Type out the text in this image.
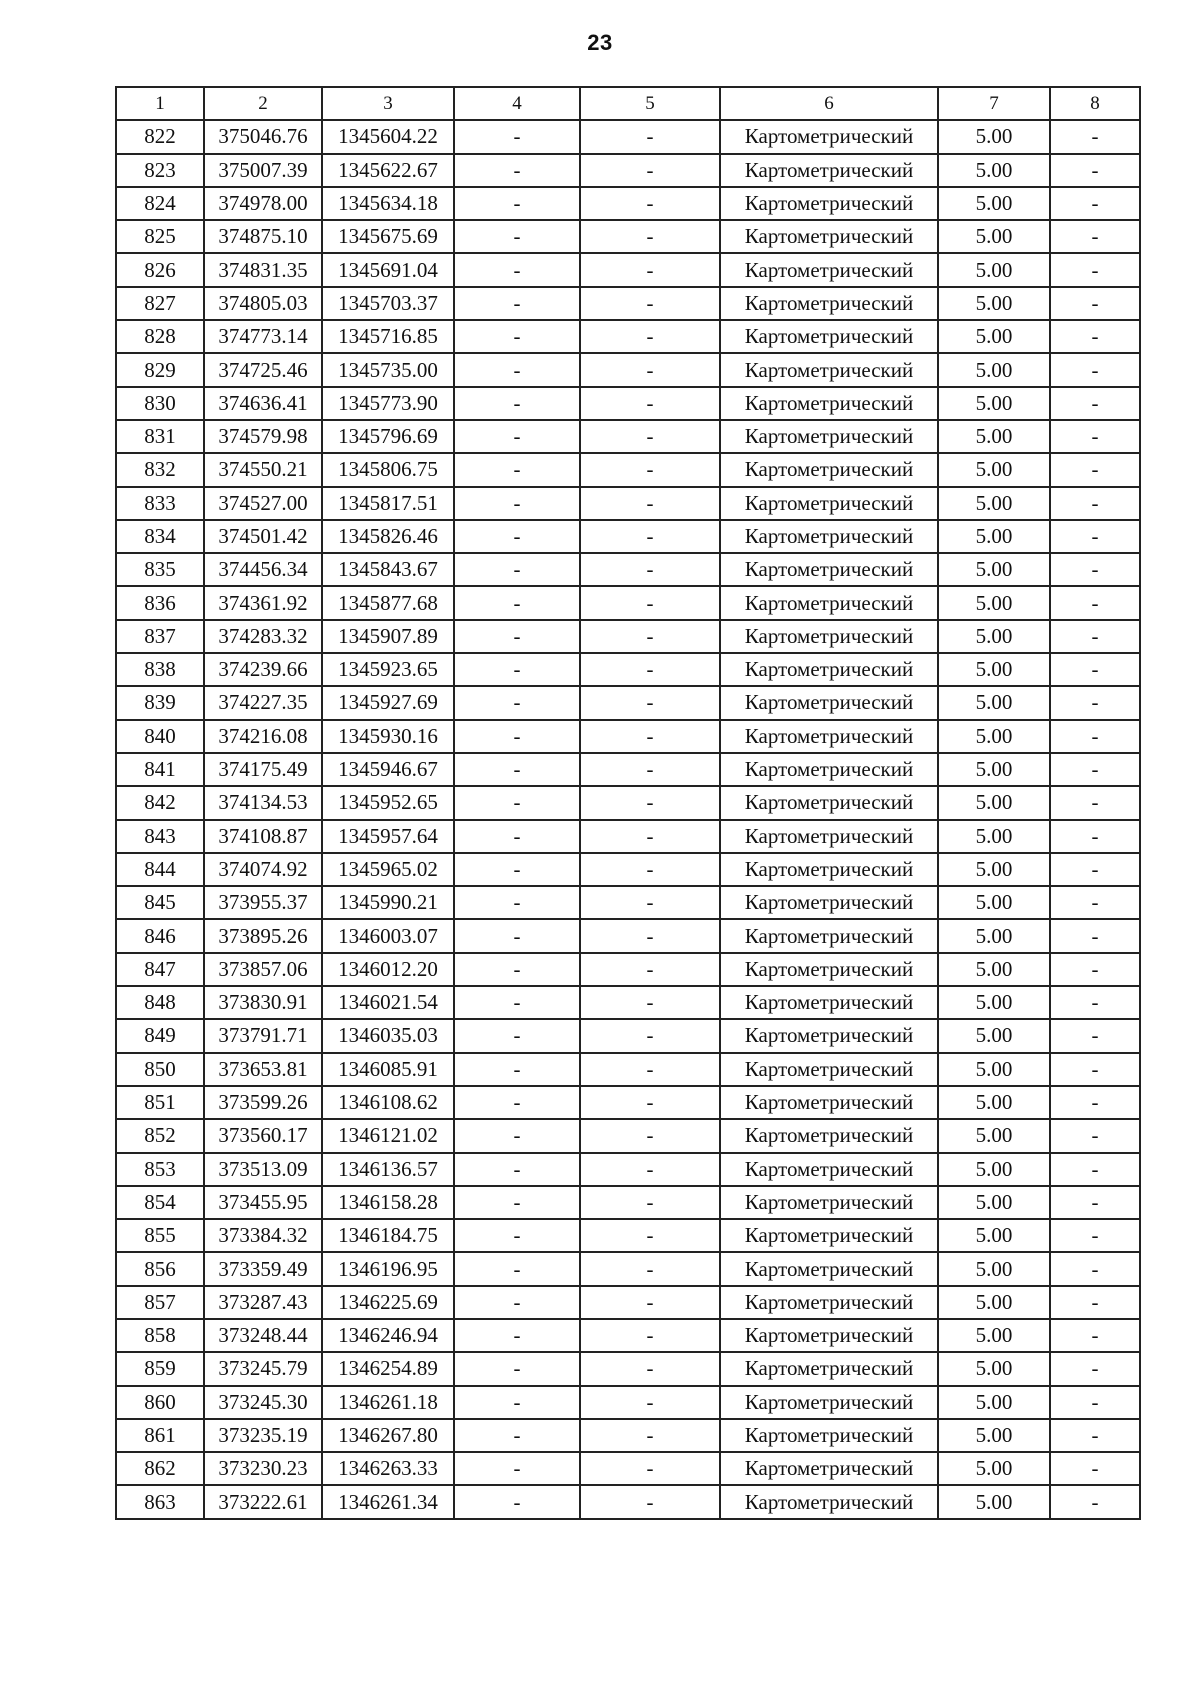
23
1	2	3	4	5	6	7	8
822	375046.76	1345604.22	-	-	Картометрический	5.00	-
823	375007.39	1345622.67	-	-	Картометрический	5.00	-
824	374978.00	1345634.18	-	-	Картометрический	5.00	-
825	374875.10	1345675.69	-	-	Картометрический	5.00	-
826	374831.35	1345691.04	-	-	Картометрический	5.00	-
827	374805.03	1345703.37	-	-	Картометрический	5.00	-
828	374773.14	1345716.85	-	-	Картометрический	5.00	-
829	374725.46	1345735.00	-	-	Картометрический	5.00	-
830	374636.41	1345773.90	-	-	Картометрический	5.00	-
831	374579.98	1345796.69	-	-	Картометрический	5.00	-
832	374550.21	1345806.75	-	-	Картометрический	5.00	-
833	374527.00	1345817.51	-	-	Картометрический	5.00	-
834	374501.42	1345826.46	-	-	Картометрический	5.00	-
835	374456.34	1345843.67	-	-	Картометрический	5.00	-
836	374361.92	1345877.68	-	-	Картометрический	5.00	-
837	374283.32	1345907.89	-	-	Картометрический	5.00	-
838	374239.66	1345923.65	-	-	Картометрический	5.00	-
839	374227.35	1345927.69	-	-	Картометрический	5.00	-
840	374216.08	1345930.16	-	-	Картометрический	5.00	-
841	374175.49	1345946.67	-	-	Картометрический	5.00	-
842	374134.53	1345952.65	-	-	Картометрический	5.00	-
843	374108.87	1345957.64	-	-	Картометрический	5.00	-
844	374074.92	1345965.02	-	-	Картометрический	5.00	-
845	373955.37	1345990.21	-	-	Картометрический	5.00	-
846	373895.26	1346003.07	-	-	Картометрический	5.00	-
847	373857.06	1346012.20	-	-	Картометрический	5.00	-
848	373830.91	1346021.54	-	-	Картометрический	5.00	-
849	373791.71	1346035.03	-	-	Картометрический	5.00	-
850	373653.81	1346085.91	-	-	Картометрический	5.00	-
851	373599.26	1346108.62	-	-	Картометрический	5.00	-
852	373560.17	1346121.02	-	-	Картометрический	5.00	-
853	373513.09	1346136.57	-	-	Картометрический	5.00	-
854	373455.95	1346158.28	-	-	Картометрический	5.00	-
855	373384.32	1346184.75	-	-	Картометрический	5.00	-
856	373359.49	1346196.95	-	-	Картометрический	5.00	-
857	373287.43	1346225.69	-	-	Картометрический	5.00	-
858	373248.44	1346246.94	-	-	Картометрический	5.00	-
859	373245.79	1346254.89	-	-	Картометрический	5.00	-
860	373245.30	1346261.18	-	-	Картометрический	5.00	-
861	373235.19	1346267.80	-	-	Картометрический	5.00	-
862	373230.23	1346263.33	-	-	Картометрический	5.00	-
863	373222.61	1346261.34	-	-	Картометрический	5.00	-
